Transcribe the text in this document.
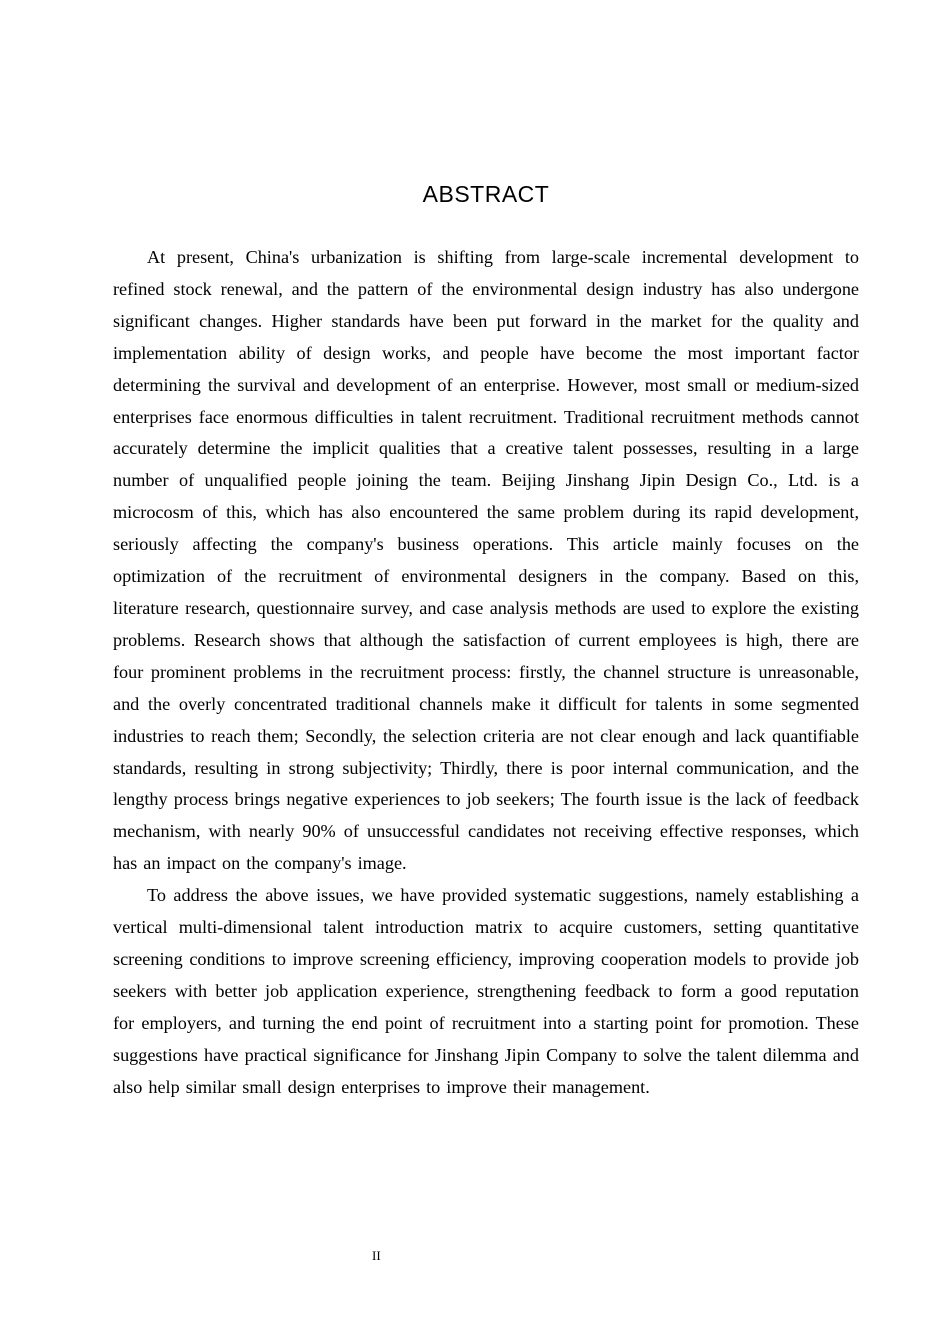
ABSTRACT

At present, China's urbanization is shifting from large-scale incremental development to refined stock renewal, and the pattern of the environmental design industry has also undergone significant changes. Higher standards have been put forward in the market for the quality and implementation ability of design works, and people have become the most important factor determining the survival and development of an enterprise. However, most small or medium-sized enterprises face enormous difficulties in talent recruitment. Traditional recruitment methods cannot accurately determine the implicit qualities that a creative talent possesses, resulting in a large number of unqualified people joining the team. Beijing Jinshang Jipin Design Co., Ltd. is a microcosm of this, which has also encountered the same problem during its rapid development, seriously affecting the company's business operations. This article mainly focuses on the optimization of the recruitment of environmental designers in the company. Based on this, literature research, questionnaire survey, and case analysis methods are used to explore the existing problems. Research shows that although the satisfaction of current employees is high, there are four prominent problems in the recruitment process: firstly, the channel structure is unreasonable, and the overly concentrated traditional channels make it difficult for talents in some segmented industries to reach them; Secondly, the selection criteria are not clear enough and lack quantifiable standards, resulting in strong subjectivity; Thirdly, there is poor internal communication, and the lengthy process brings negative experiences to job seekers; The fourth issue is the lack of feedback mechanism, with nearly 90% of unsuccessful candidates not receiving effective responses, which has an impact on the company's image.

To address the above issues, we have provided systematic suggestions, namely establishing a vertical multi-dimensional talent introduction matrix to acquire customers, setting quantitative screening conditions to improve screening efficiency, improving cooperation models to provide job seekers with better job application experience, strengthening feedback to form a good reputation for employers, and turning the end point of recruitment into a starting point for promotion. These suggestions have practical significance for Jinshang Jipin Company to solve the talent dilemma and also help similar small design enterprises to improve their management.

II
